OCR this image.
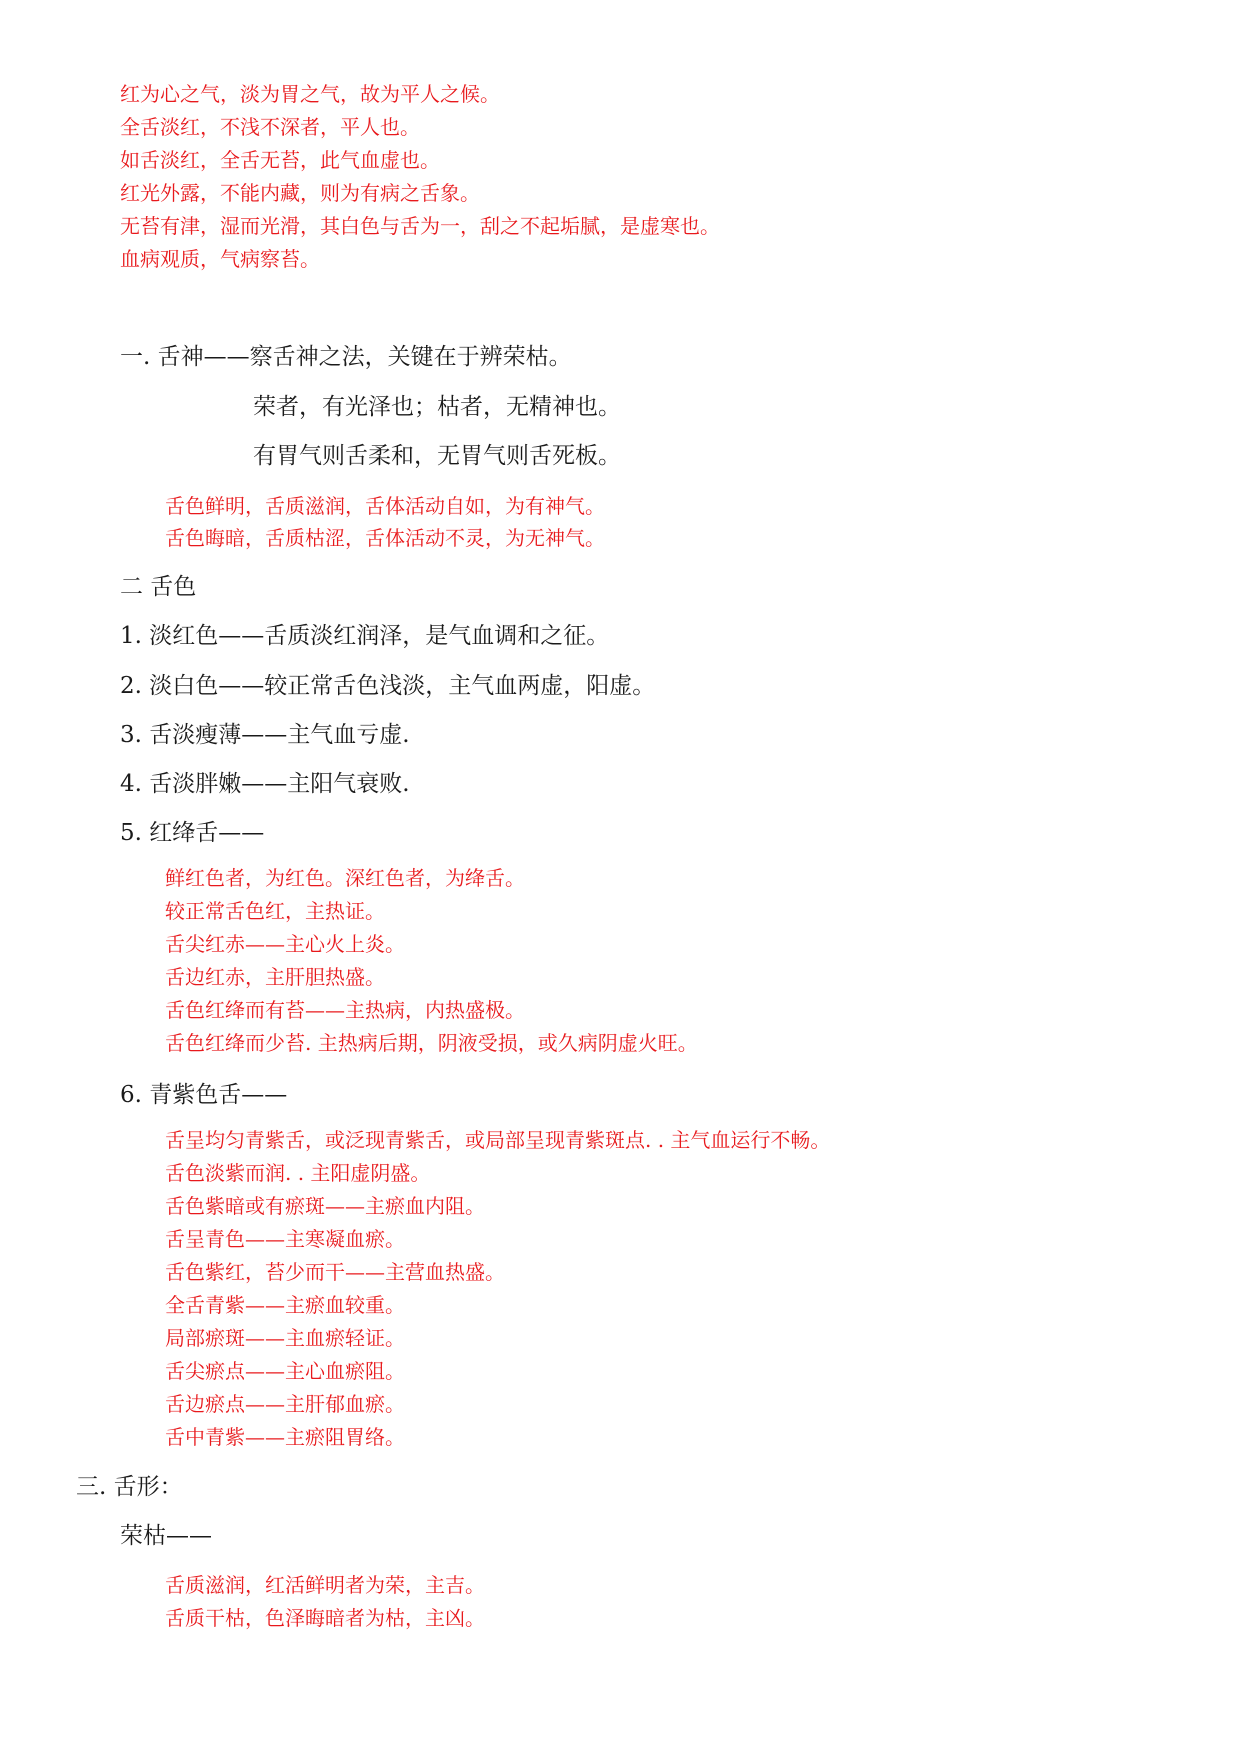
红为心之气，淡为胃之气，故为平人之候。
全舌淡红，不浅不深者，平人也。
如舌淡红，全舌无苔，此气血虚也。
红光外露，不能内藏，则为有病之舌象。
无苔有津，湿而光滑，其白色与舌为一，刮之不起垢腻，是虚寒也。
血病观质，气病察苔。
一. 舌神——察舌神之法，关键在于辨荣枯。
荣者，有光泽也；枯者，无精神也。
有胃气则舌柔和，无胃气则舌死板。
舌色鲜明，舌质滋润，舌体活动自如，为有神气。
舌色晦暗，舌质枯涩，舌体活动不灵，为无神气。
二 舌色
1. 淡红色——舌质淡红润泽，是气血调和之征。
2. 淡白色——较正常舌色浅淡，主气血两虚，阳虚。
3. 舌淡瘦薄——主气血亏虚.
4. 舌淡胖嫩——主阳气衰败.
5. 红绛舌——
鲜红色者，为红色。深红色者，为绛舌。
较正常舌色红，主热证。
舌尖红赤——主心火上炎。
舌边红赤，主肝胆热盛。
舌色红绛而有苔——主热病，内热盛极。
舌色红绛而少苔. 主热病后期，阴液受损，或久病阴虚火旺。
6. 青紫色舌——
舌呈均匀青紫舌，或泛现青紫舌，或局部呈现青紫斑点. . 主气血运行不畅。
舌色淡紫而润. . 主阳虚阴盛。
舌色紫暗或有瘀斑——主瘀血内阻。
舌呈青色——主寒凝血瘀。
舌色紫红，苔少而干——主营血热盛。
全舌青紫——主瘀血较重。
局部瘀斑——主血瘀轻证。
舌尖瘀点——主心血瘀阻。
舌边瘀点——主肝郁血瘀。
舌中青紫——主瘀阻胃络。
三. 舌形：
荣枯——
舌质滋润，红活鲜明者为荣，主吉。
舌质干枯，色泽晦暗者为枯，主凶。
